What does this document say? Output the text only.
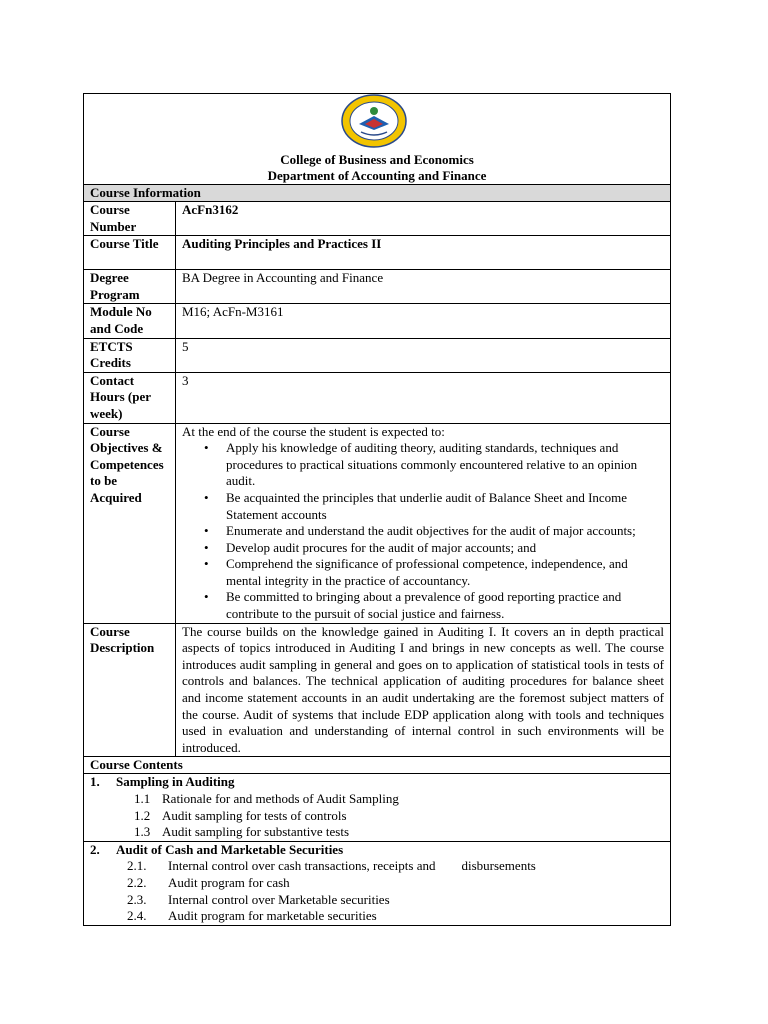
College of Business and Economics
Department of Accounting and Finance
Course Information
Course Number
AcFn3162
Course Title	Auditing Principles and Practices II
Degree Program
BA Degree in Accounting and Finance
Module No and Code
M16; AcFn-M3161
ETCTS Credits
5
Contact Hours (per week)
3
Course Objectives & Competences to be Acquired
At the end of the course the student is expected to:
• Apply his knowledge of auditing theory, auditing standards, techniques and procedures to practical situations commonly encountered relative to an opinion audit.
• Be acquainted the principles that underlie audit of Balance Sheet and Income Statement accounts
• Enumerate and understand the audit objectives for the audit of major accounts;
• Develop audit procures for the audit of major accounts; and
• Comprehend the significance of professional competence, independence, and mental integrity in the practice of accountancy.
• Be committed to bringing about a prevalence of good reporting practice and contribute to the pursuit of social justice and fairness.
Course Description
The course builds on the knowledge gained in Auditing I. It covers an in depth practical aspects of topics introduced in Auditing I and brings in new concepts as well. The course introduces audit sampling in general and goes on to application of statistical tools in tests of controls and balances. The technical application of auditing procedures for balance sheet and income statement accounts in an audit undertaking are the foremost subject matters of the course. Audit of systems that include EDP application along with tools and techniques used in evaluation and understanding of internal control in such environments will be introduced.
Course Contents
1. Sampling in Auditing
1.1 Rationale for and methods of Audit Sampling
1.2 Audit sampling for tests of controls
1.3 Audit sampling for substantive tests
2. Audit of Cash and Marketable Securities
2.1. Internal control over cash transactions, receipts and        disbursements
2.2. Audit program for cash
2.3. Internal control over Marketable securities
2.4. Audit program for marketable securities
